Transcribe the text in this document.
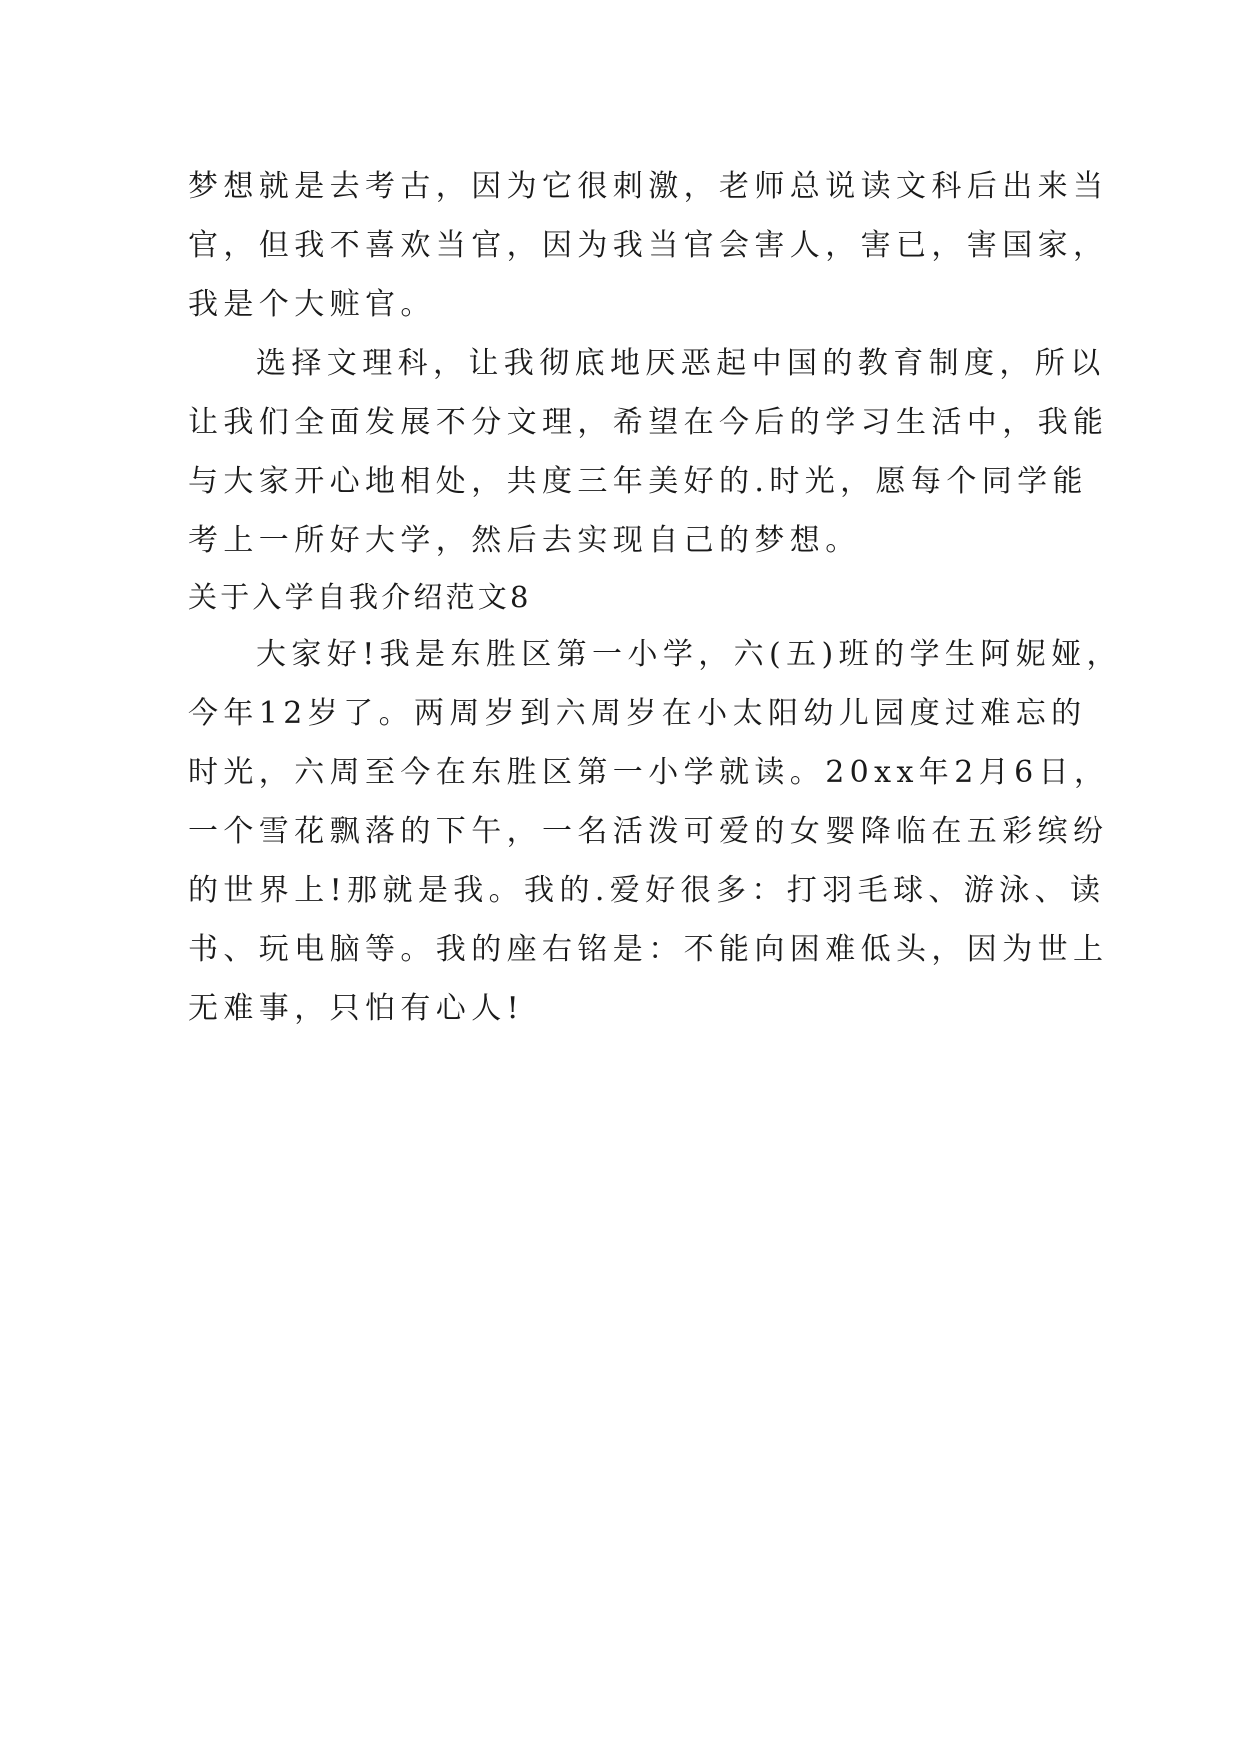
梦想就是去考古，因为它很刺激，老师总说读文科后出来当
官，但我不喜欢当官，因为我当官会害人，害已，害国家，
我是个大赃官。
选择文理科，让我彻底地厌恶起中国的教育制度，所以
让我们全面发展不分文理，希望在今后的学习生活中，我能
与大家开心地相处，共度三年美好的.时光，愿每个同学能
考上一所好大学，然后去实现自己的梦想。
关于入学自我介绍范文8
大家好!我是东胜区第一小学，六(五)班的学生阿妮娅，
今年12岁了。两周岁到六周岁在小太阳幼儿园度过难忘的
时光，六周至今在东胜区第一小学就读。20xx年2月6日，
一个雪花飘落的下午，一名活泼可爱的女婴降临在五彩缤纷
的世界上!那就是我。我的.爱好很多：打羽毛球、游泳、读
书、玩电脑等。我的座右铭是：不能向困难低头，因为世上
无难事，只怕有心人!
